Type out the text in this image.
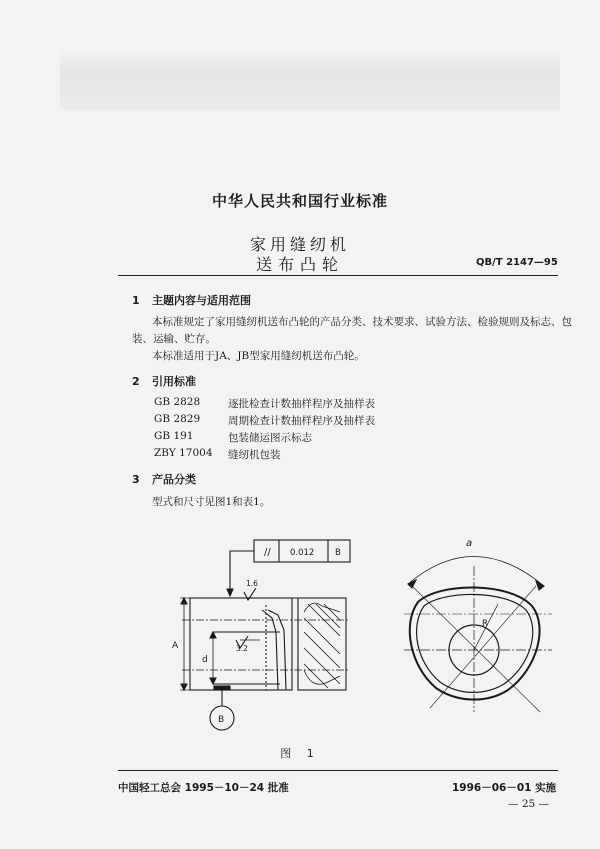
中华人民共和国行业标准
家用缝纫机
送布凸轮	QB/T 2147—95
1 主题内容与适用范围
本标准规定了家用缝纫机送布凸轮的产品分类、技术要求、试验方法、检验规则及标志、包
装、运输、贮存。
本标准适用于JA、JB型家用缝纫机送布凸轮。
2 引用标准
GB 2828	逐批检查计数抽样程序及抽样表
GB 2829	周期检查计数抽样程序及抽样表
GB 191	包装储运图示标志
ZBY 17004 缝纫机包装
3 产品分类
型式和尺寸见图1和表1。
// 0.012 B
1.6
3.2
A
d
B
a
R
图 1
中国轻工总会 1995－10－24 批准	1996－06－01 实施
— 25 —
